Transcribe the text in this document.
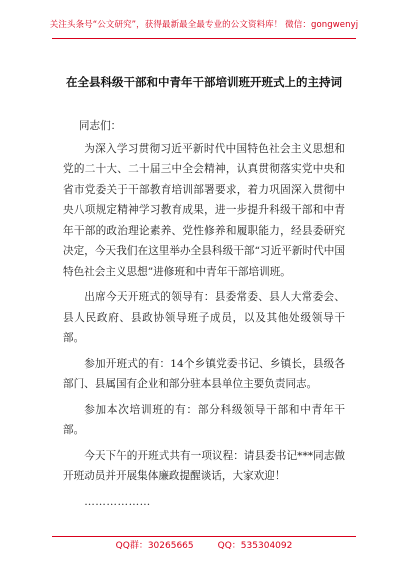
关注头条号“公文研究”，获得最新最全最专业的公文资料库！ 微信：gongwenyj
在全县科级干部和中青年干部培训班开班式上的主持词

同志们：

为深入学习贯彻习近平新时代中国特色社会主义思想和党的二十大、二十届三中全会精神，认真贯彻落实党中央和省市党委关于干部教育培训部署要求，着力巩固深入贯彻中央八项规定精神学习教育成果，进一步提升科级干部和中青年干部的政治理论素养、党性修养和履职能力，经县委研究决定，今天我们在这里举办全县科级干部“习近平新时代中国特色社会主义思想”进修班和中青年干部培训班。

出席今天开班式的领导有：县委常委、县人大常委会、县人民政府、县政协领导班子成员，以及其他处级领导干部。

参加开班式的有：14个乡镇党委书记、乡镇长，县级各部门、县属国有企业和部分驻本县单位主要负责同志。

参加本次培训班的有：部分科级领导干部和中青年干部。

今天下午的开班式共有一项议程：请县委书记***同志做开班动员并开展集体廉政提醒谈话，大家欢迎！

………………

QQ群：30265665	QQ：535304092
